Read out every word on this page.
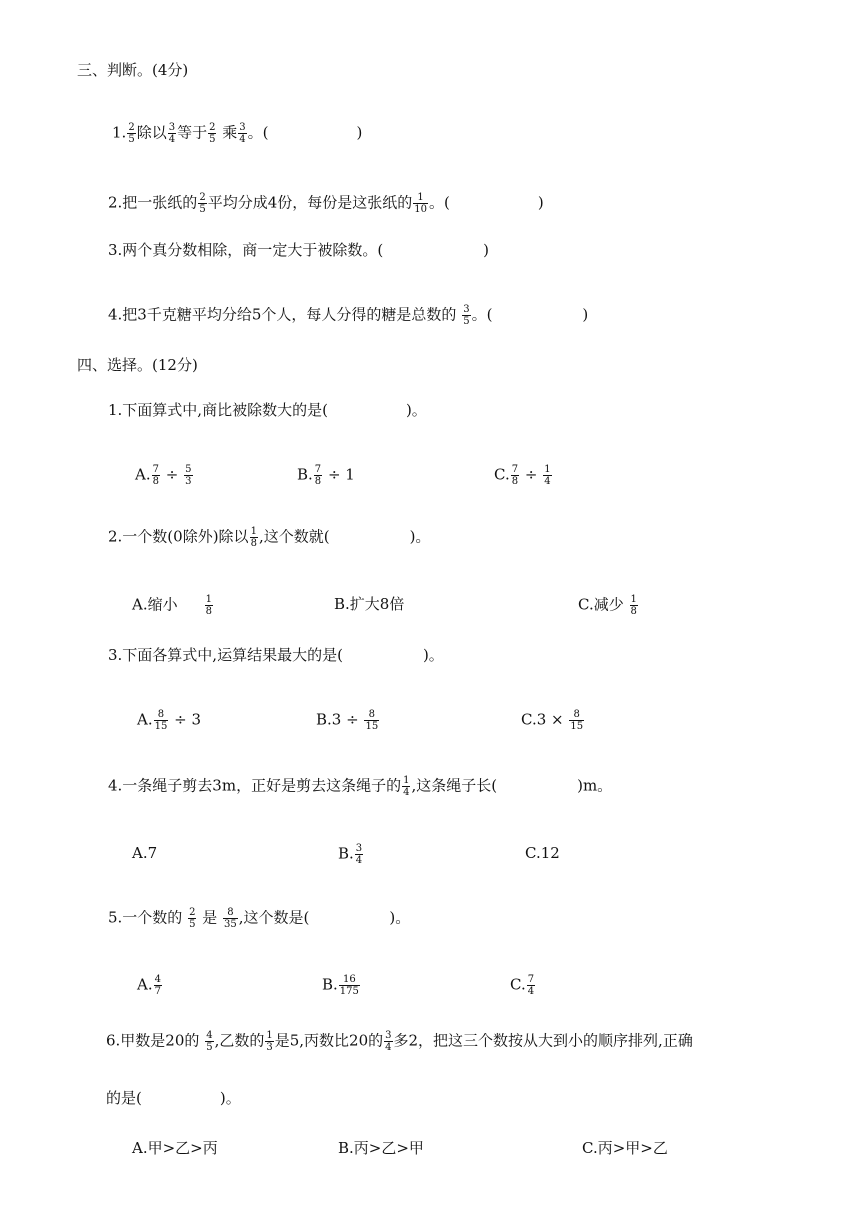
三、判断。(4分)
1. $\frac{2}{5}$ 除以 $\frac{3}{4}$ 等于 $\frac{2}{5}$ 乘 $\frac{3}{4}$ 。(	)
2.把一张纸的 $\frac{2}{5}$ 平均分成4份，每份是这张纸的 $\frac{1}{10}$ 。(	)
3.两个真分数相除，商一定大于被除数。(	)
4.把3千克糖平均分给5个人，每人分得的糖是总数的 $\frac{3}{5}$ 。(	)
四、选择。(12分)
1.下面算式中,商比被除数大的是(	)。
A. $\frac{7}{8} \div \frac{5}{3}$	B. $\frac{7}{8} \div 1$	C. $\frac{7}{8} \div \frac{1}{4}$
2.一个数(0除外)除以 $\frac{1}{8}$ ,这个数就(	)。
A.缩小	$\frac{1}{8}$	B.扩大8倍	C.减少 $\frac{1}{8}$
3.下面各算式中,运算结果最大的是(	)。
A. $\frac{8}{15} \div 3$	$B.3 \div \frac{8}{15}$	$C.3 \times \frac{8}{15}$
4.一条绳子剪去3m，正好是剪去这条绳子的 $\frac{1}{4}$ ,这条绳子长(	)m。
A.7	B. $\frac{3}{4}$	C.12
5.一个数的 $\frac{2}{5}$ 是 $\frac{8}{35}$ ,这个数是(	)。
A. $\frac{4}{7}$	B. $\frac{16}{175}$	C. $\frac{7}{4}$
6.甲数是20的 $\frac{4}{5}$ ,乙数的 $\frac{1}{3}$ 是5,丙数比20的 $\frac{3}{4}$ 多2，把这三个数按从大到小的顺序排列,正确
的是(	)。
A.甲>乙>丙	B.丙>乙>甲	C.丙>甲>乙
